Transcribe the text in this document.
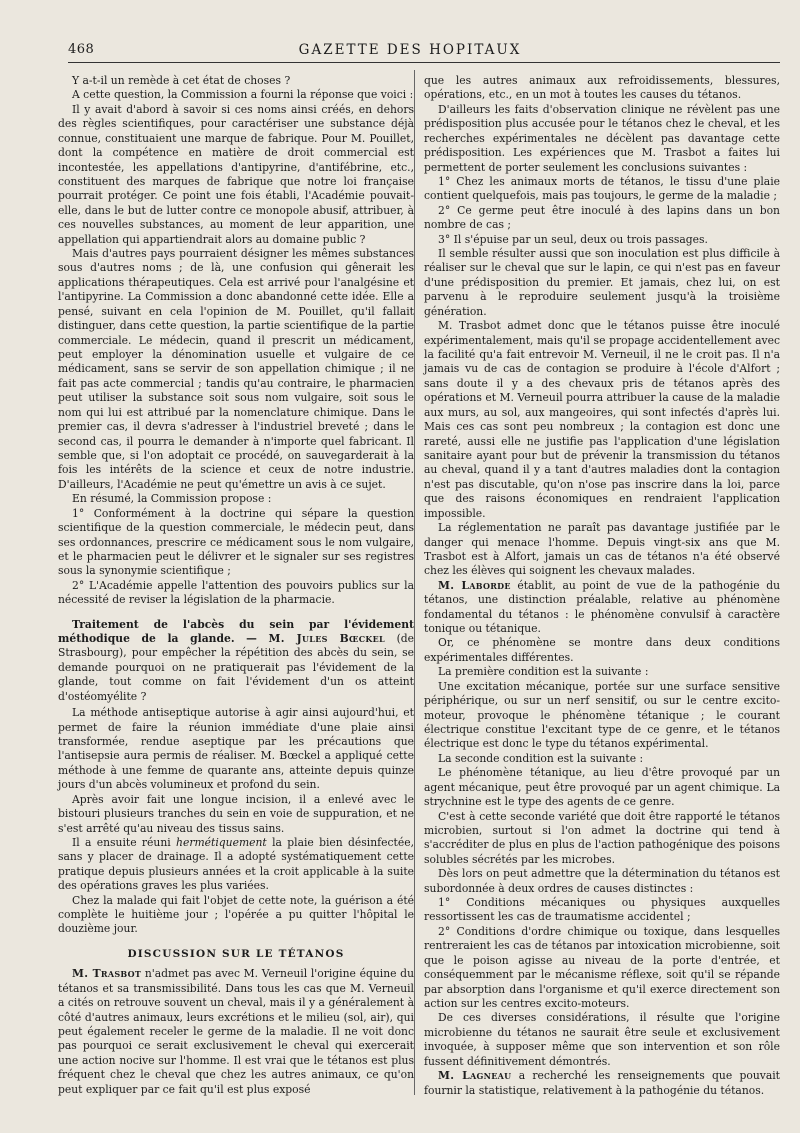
468	GAZETTE DES HOPITAUX

Y a-t-il un remède à cet état de choses ?

A cette question, la Commission a fourni la réponse que voici :

Il y avait d'abord à savoir si ces noms ainsi créés, en dehors des règles scientifiques, pour caractériser une substance déjà connue, constituaient une marque de fabrique. Pour M. Pouillet, dont la compétence en matière de droit commercial est incontestée, les appellations d'antipyrine, d'antifébrine, etc., constituent des marques de fabrique que notre loi française pourrait protéger. Ce point une fois établi, l'Académie pouvait-elle, dans le but de lutter contre ce monopole abusif, attribuer, à ces nouvelles substances, au moment de leur apparition, une appellation qui appartiendrait alors au domaine public ?

Mais d'autres pays pourraient désigner les mêmes substances sous d'autres noms ; de là, une confusion qui gênerait les applications thérapeutiques. Cela est arrivé pour l'analgésine et l'antipyrine. La Commission a donc abandonné cette idée. Elle a pensé, suivant en cela l'opinion de M. Pouillet, qu'il fallait distinguer, dans cette question, la partie scientifique de la partie commerciale. Le médecin, quand il prescrit un médicament, peut employer la dénomination usuelle et vulgaire de ce médicament, sans se servir de son appellation chimique ; il ne fait pas acte commercial ; tandis qu'au contraire, le pharmacien peut utiliser la substance soit sous nom vulgaire, soit sous le nom qui lui est attribué par la nomenclature chimique. Dans le premier cas, il devra s'adresser à l'industriel breveté ; dans le second cas, il pourra le demander à n'importe quel fabricant. Il semble que, si l'on adoptait ce procédé, on sauvegarderait à la fois les intérêts de la science et ceux de notre industrie. D'ailleurs, l'Académie ne peut qu'émettre un avis à ce sujet.

En résumé, la Commission propose :

1° Conformément à la doctrine qui sépare la question scientifique de la question commerciale, le médecin peut, dans ses ordonnances, prescrire ce médicament sous le nom vulgaire, et le pharmacien peut le délivrer et le signaler sur ses registres sous la synonymie scientifique ;

2° L'Académie appelle l'attention des pouvoirs publics sur la nécessité de reviser la législation de la pharmacie.

Traitement de l'abcès du sein par l'évidement méthodique de la glande. — M. Jules Bœckel (de Strasbourg), pour empêcher la répétition des abcès du sein, se demande pourquoi on ne pratiquerait pas l'évidement de la glande, tout comme on fait l'évidement d'un os atteint d'ostéomyélite ?

La méthode antiseptique autorise à agir ainsi aujourd'hui, et permet de faire la réunion immédiate d'une plaie ainsi transformée, rendue aseptique par les précautions que l'antisepsie aura permis de réaliser. M. Bœckel a appliqué cette méthode à une femme de quarante ans, atteinte depuis quinze jours d'un abcès volumineux et profond du sein.

Après avoir fait une longue incision, il a enlevé avec le bistouri plusieurs tranches du sein en voie de suppuration, et ne s'est arrêté qu'au niveau des tissus sains.

Il a ensuite réuni hermétiquement la plaie bien désinfectée, sans y placer de drainage. Il a adopté systématiquement cette pratique depuis plusieurs années et la croit applicable à la suite des opérations graves les plus variées.

Chez la malade qui fait l'objet de cette note, la guérison a été complète le huitième jour ; l'opérée a pu quitter l'hôpital le douzième jour.

DISCUSSION SUR LE TÉTANOS

M. Trasbot n'admet pas avec M. Verneuil l'origine équine du tétanos et sa transmissibilité. Dans tous les cas que M. Verneuil a cités on retrouve souvent un cheval, mais il y a généralement à côté d'autres animaux, leurs excrétions et le milieu (sol, air), qui peut également receler le germe de la maladie. Il ne voit donc pas pourquoi ce serait exclusivement le cheval qui exercerait une action nocive sur l'homme. Il est vrai que le tétanos est plus fréquent chez le cheval que chez les autres animaux, ce qu'on peut expliquer par ce fait qu'il est plus exposé

que les autres animaux aux refroidissements, blessures, opérations, etc., en un mot à toutes les causes du tétanos.

D'ailleurs les faits d'observation clinique ne révèlent pas une prédisposition plus accusée pour le tétanos chez le cheval, et les recherches expérimentales ne décèlent pas davantage cette prédisposition. Les expériences que M. Trasbot a faites lui permettent de porter seulement les conclusions suivantes :

1° Chez les animaux morts de tétanos, le tissu d'une plaie contient quelquefois, mais pas toujours, le germe de la maladie ;

2° Ce germe peut être inoculé à des lapins dans un bon nombre de cas ;

3° Il s'épuise par un seul, deux ou trois passages.

Il semble résulter aussi que son inoculation est plus difficile à réaliser sur le cheval que sur le lapin, ce qui n'est pas en faveur d'une prédisposition du premier. Et jamais, chez lui, on est parvenu à le reproduire seulement jusqu'à la troisième génération.

M. Trasbot admet donc que le tétanos puisse être inoculé expérimentalement, mais qu'il se propage accidentellement avec la facilité qu'a fait entrevoir M. Verneuil, il ne le croit pas. Il n'a jamais vu de cas de contagion se produire à l'école d'Alfort ; sans doute il y a des chevaux pris de tétanos après des opérations et M. Verneuil pourra attribuer la cause de la maladie aux murs, au sol, aux mangeoires, qui sont infectés d'après lui. Mais ces cas sont peu nombreux ; la contagion est donc une rareté, aussi elle ne justifie pas l'application d'une législation sanitaire ayant pour but de prévenir la transmission du tétanos au cheval, quand il y a tant d'autres maladies dont la contagion n'est pas discutable, qu'on n'ose pas inscrire dans la loi, parce que des raisons économiques en rendraient l'application impossible.

La réglementation ne paraît pas davantage justifiée par le danger qui menace l'homme. Depuis vingt-six ans que M. Trasbot est à Alfort, jamais un cas de tétanos n'a été observé chez les élèves qui soignent les chevaux malades.

M. Laborde établit, au point de vue de la pathogénie du tétanos, une distinction préalable, relative au phénomène fondamental du tétanos : le phénomène convulsif à caractère tonique ou tétanique.

Or, ce phénomène se montre dans deux conditions expérimentales différentes.

La première condition est la suivante :

Une excitation mécanique, portée sur une surface sensitive périphérique, ou sur un nerf sensitif, ou sur le centre excito-moteur, provoque le phénomène tétanique ; le courant électrique constitue l'excitant type de ce genre, et le tétanos électrique est donc le type du tétanos expérimental.

La seconde condition est la suivante :

Le phénomène tétanique, au lieu d'être provoqué par un agent mécanique, peut être provoqué par un agent chimique. La strychnine est le type des agents de ce genre.

C'est à cette seconde variété que doit être rapporté le tétanos microbien, surtout si l'on admet la doctrine qui tend à s'accréditer de plus en plus de l'action pathogénique des poisons solubles sécrétés par les microbes.

Dès lors on peut admettre que la détermination du tétanos est subordonnée à deux ordres de causes distinctes :

1° Conditions mécaniques ou physiques auxquelles ressortissent les cas de traumatisme accidentel ;

2° Conditions d'ordre chimique ou toxique, dans lesquelles rentreraient les cas de tétanos par intoxication microbienne, soit que le poison agisse au niveau de la porte d'entrée, et conséquemment par le mécanisme réflexe, soit qu'il se répande par absorption dans l'organisme et qu'il exerce directement son action sur les centres excito-moteurs.

De ces diverses considérations, il résulte que l'origine microbienne du tétanos ne saurait être seule et exclusivement invoquée, à supposer même que son intervention et son rôle fussent définitivement démontrés.

M. Lagneau a recherché les renseignements que pouvait fournir la statistique, relativement à la pathogénie du tétanos.
